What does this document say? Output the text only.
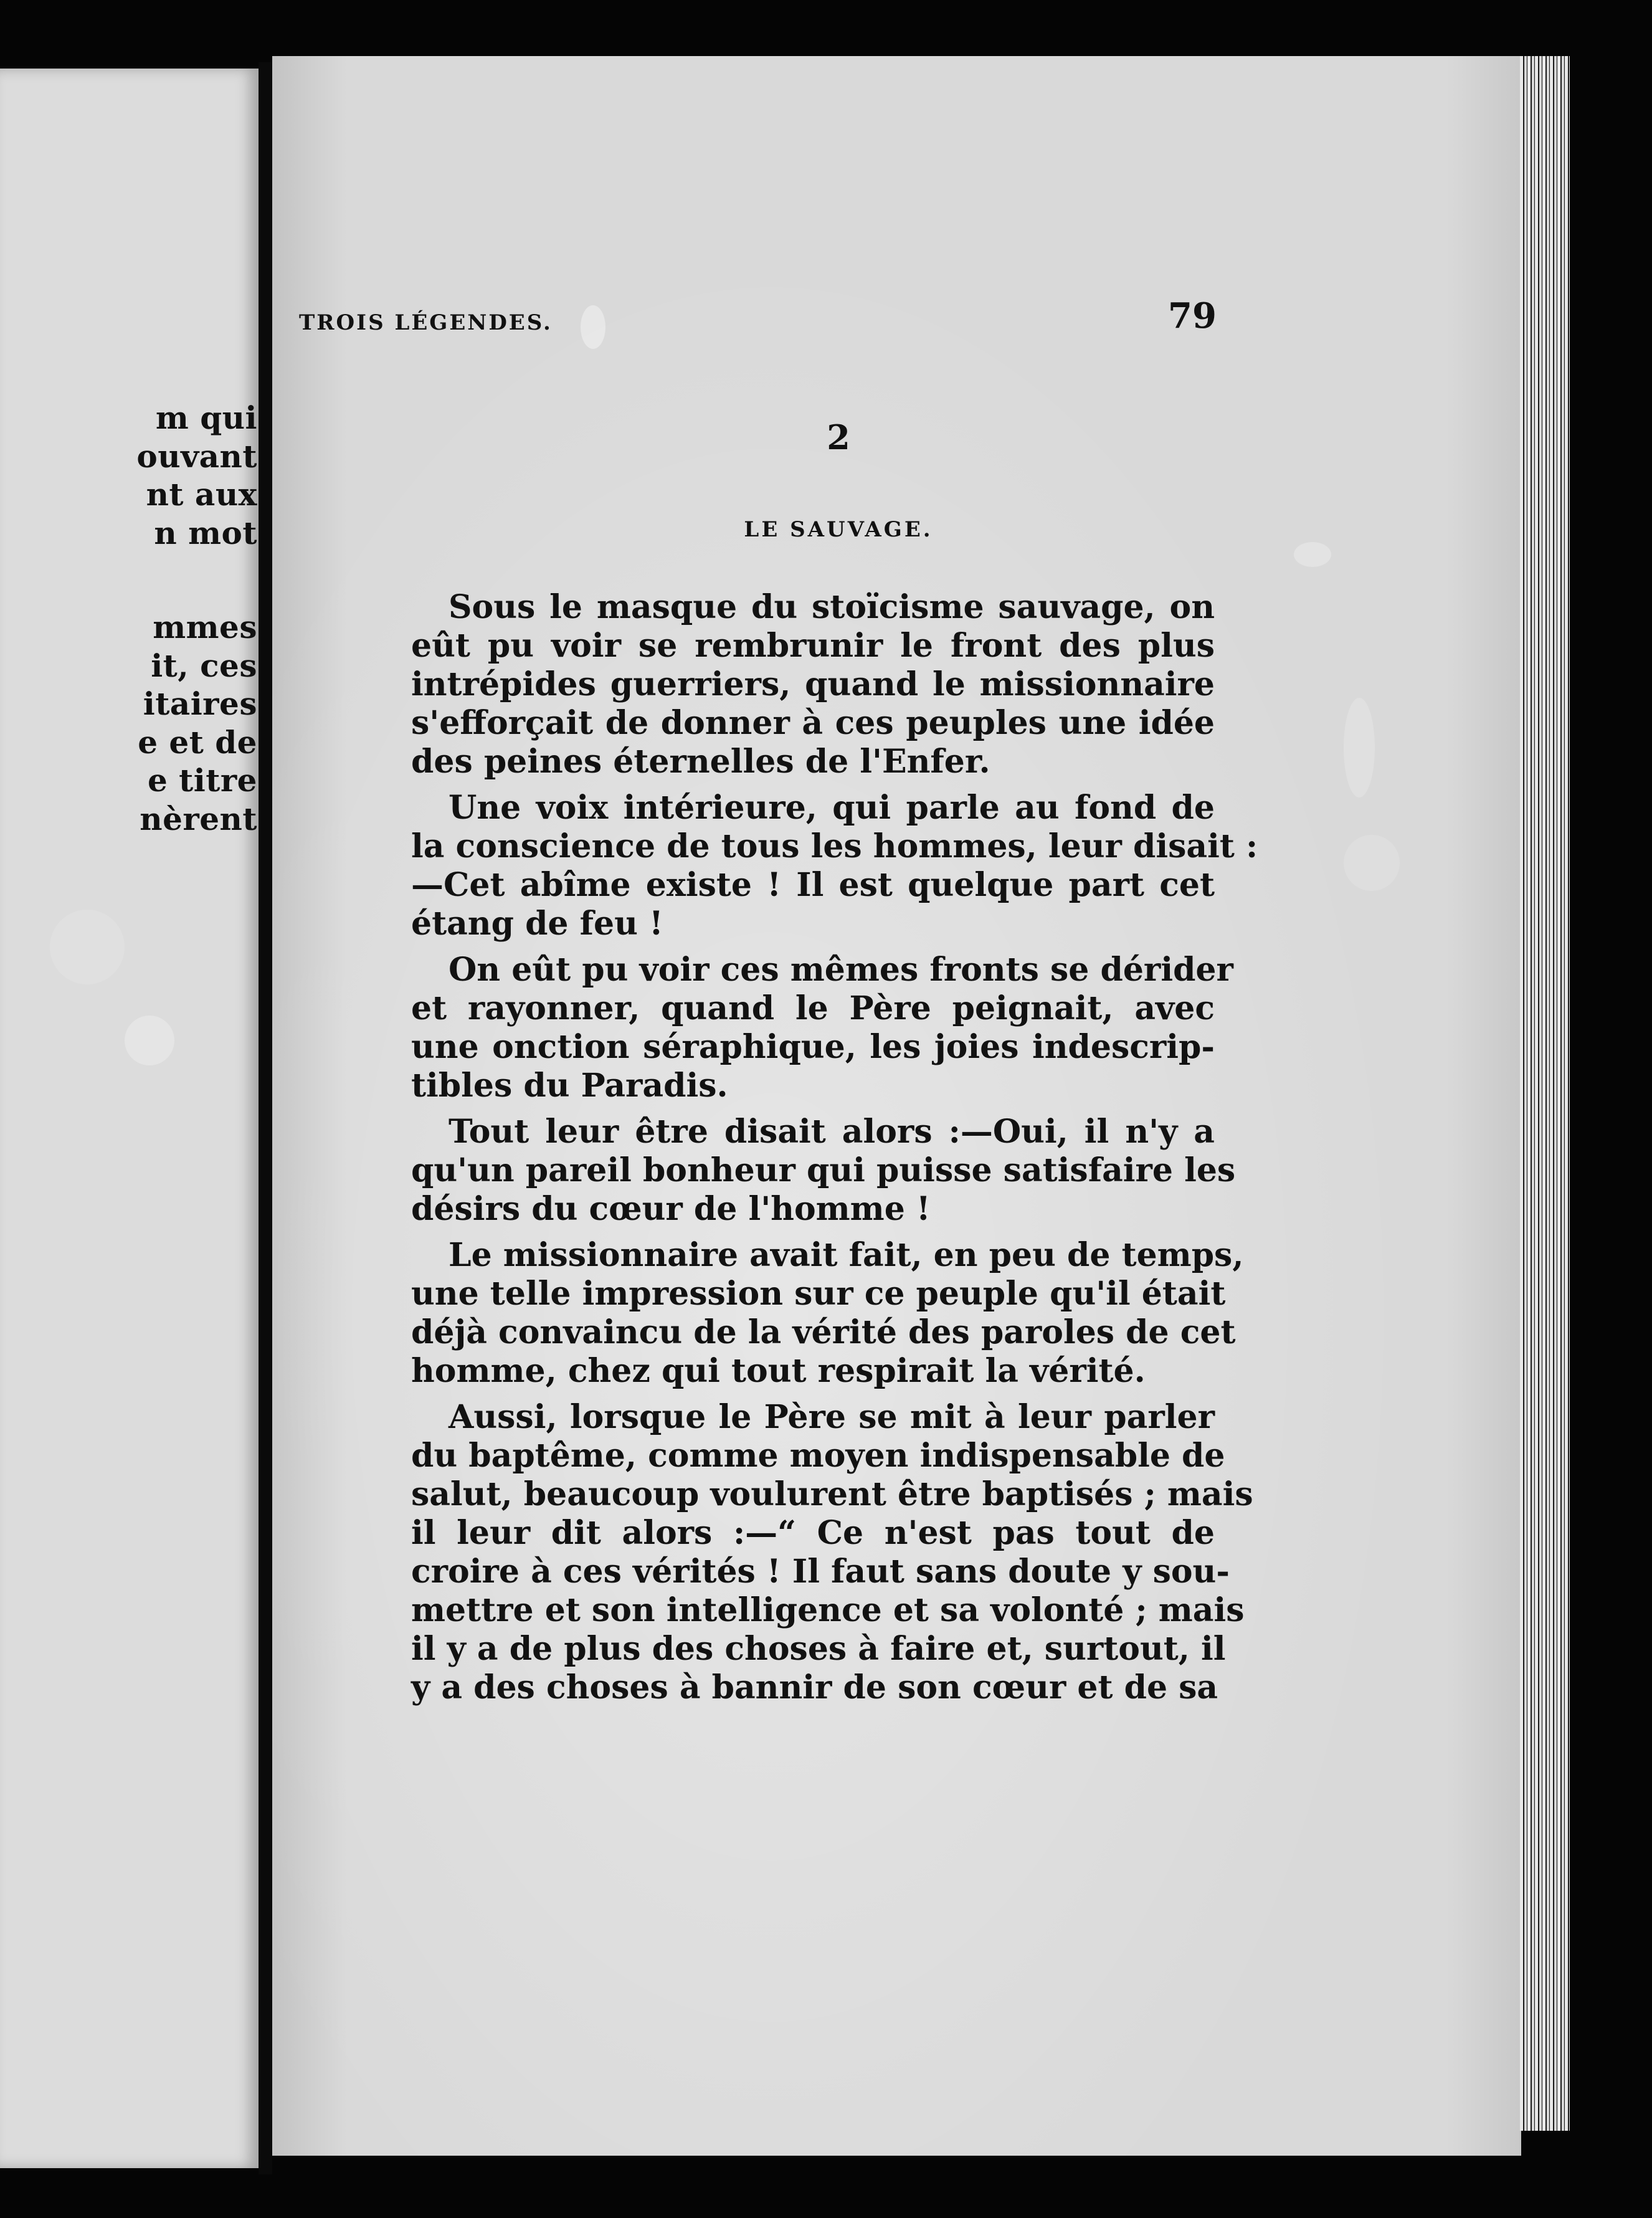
m qui
ouvant
nt aux
n mot
mmes
it, ces
itaires
e et de
e titre
nèrent
TROIS LÉGENDES.	79
2
LE SAUVAGE.
Sous le masque du stoïcisme sauvage, on
eût pu voir se rembrunir le front des plus
intrépides guerriers, quand le missionnaire
s'efforçait de donner à ces peuples une idée
des peines éternelles de l'Enfer.
Une voix intérieure, qui parle au fond de
la conscience de tous les hommes, leur disait :
—Cet abîme existe ! Il est quelque part cet
étang de feu !
On eût pu voir ces mêmes fronts se dérider
et rayonner, quand le Père peignait, avec
une onction séraphique, les joies indescrip-
tibles du Paradis.
Tout leur être disait alors :—Oui, il n'y a
qu'un pareil bonheur qui puisse satisfaire les
désirs du cœur de l'homme !
Le missionnaire avait fait, en peu de temps,
une telle impression sur ce peuple qu'il était
déjà convaincu de la vérité des paroles de cet
homme, chez qui tout respirait la vérité.
Aussi, lorsque le Père se mit à leur parler
du baptême, comme moyen indispensable de
salut, beaucoup voulurent être baptisés ; mais
il leur dit alors :—“ Ce n'est pas tout de
croire à ces vérités ! Il faut sans doute y sou-
mettre et son intelligence et sa volonté ; mais
il y a de plus des choses à faire et, surtout, il
y a des choses à bannir de son cœur et de sa
